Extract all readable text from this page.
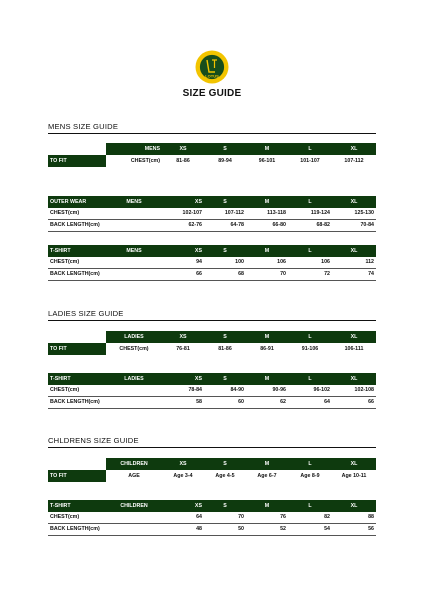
LOTUS
SIZE GUIDE
MENS SIZE GUIDE
	MENS	XS	S	M	L	XL
TO FIT	CHEST(cm)	81-86	89-94	96-101	101-107	107-112
OUTER WEAR	MENS	XS	S	M	L	XL
CHEST(cm)		102-107	107-112	113-118	119-124	125-130
BACK LENGTH(cm)		62-76	64-78	66-80	68-82	70-84
T-SHIRT	MENS	XS	S	M	L	XL
CHEST(cm)		94	100	106	106	112
BACK LENGTH(cm)		66	68	70	72	74
LADIES SIZE GUIDE
	LADIES	XS	S	M	L	XL
TO FIT	CHEST(cm)	76-81	81-86	86-91	91-106	106-111
T-SHIRT	LADIES	XS	S	M	L	XL
CHEST(cm)		78-84	84-90	90-96	96-102	102-108
BACK LENGTH(cm)		58	60	62	64	66
CHLDRENS SIZE GUIDE
	CHILDREN	XS	S	M	L	XL
TO FIT	AGE	Age 3-4	Age 4-5	Age 6-7	Age 8-9	Age 10-11
T-SHIRT	CHILDREN	XS	S	M	L	XL
CHEST(cm)		64	70	76	82	88
BACK LENGTH(cm)		48	50	52	54	56
